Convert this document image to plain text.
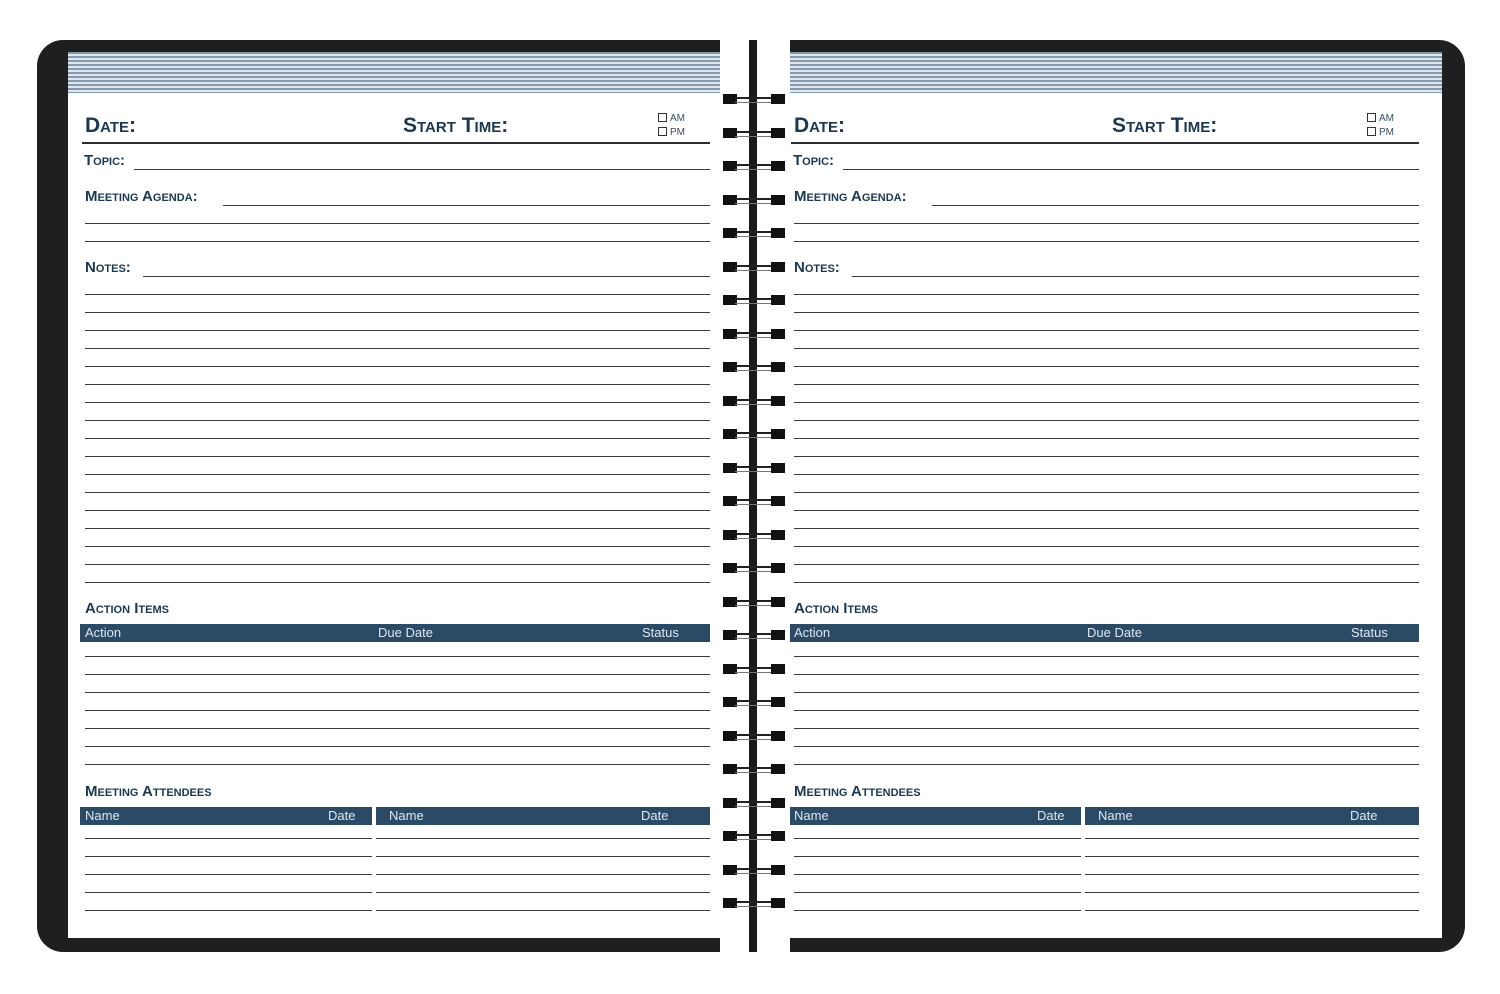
Date:	Start Time:	AM
PM
Topic:
Meeting Agenda:
Notes:
Action Items
Action	Due Date	Status
Meeting Attendees
Name	Date	Name	Date
Date:	Start Time:	AM
PM
Topic:
Meeting Agenda:
Notes:
Action Items
Action	Due Date	Status
Meeting Attendees
Name	Date	Name	Date
